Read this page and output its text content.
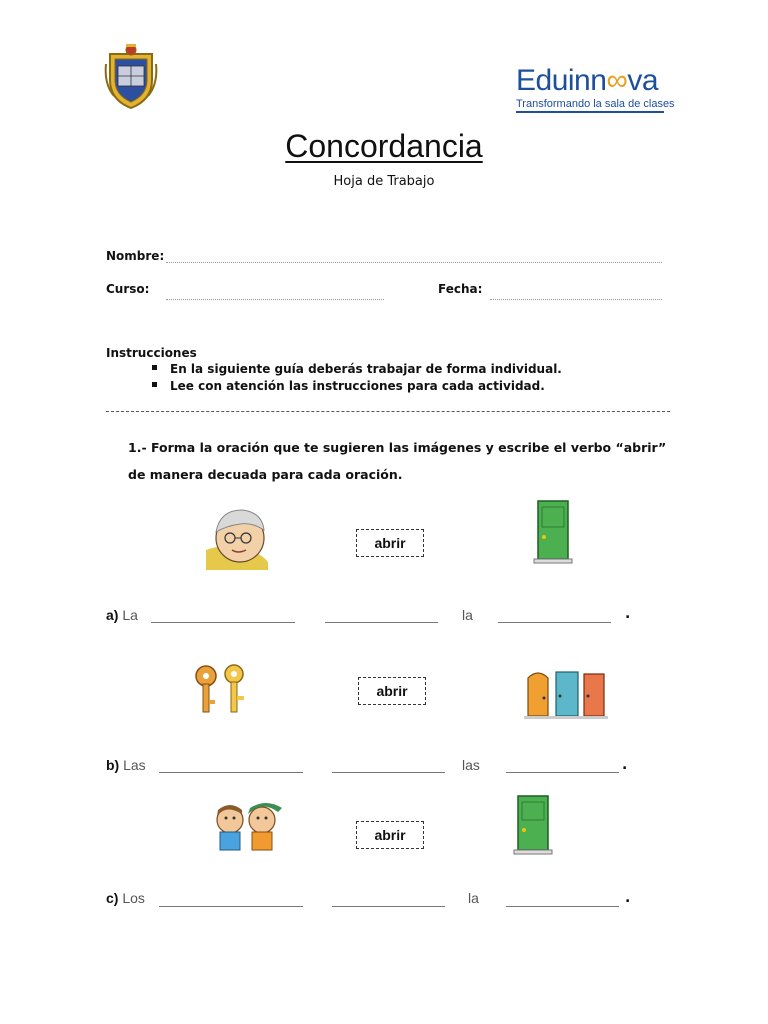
Eduinn∞va
Transformando la sala de clases
Concordancia
Hoja de Trabajo
Nombre:
Curso:	Fecha:
Instrucciones
En la siguiente guía deberás trabajar de forma individual.
Lee con atención las instrucciones para cada actividad.
1.- Forma la oración que te sugieren las imágenes y escribe el verbo “abrir” de manera decuada para cada oración.
abrir
a) La	la	.
abrir
b) Las	las	.
abrir
c) Los	la	.
